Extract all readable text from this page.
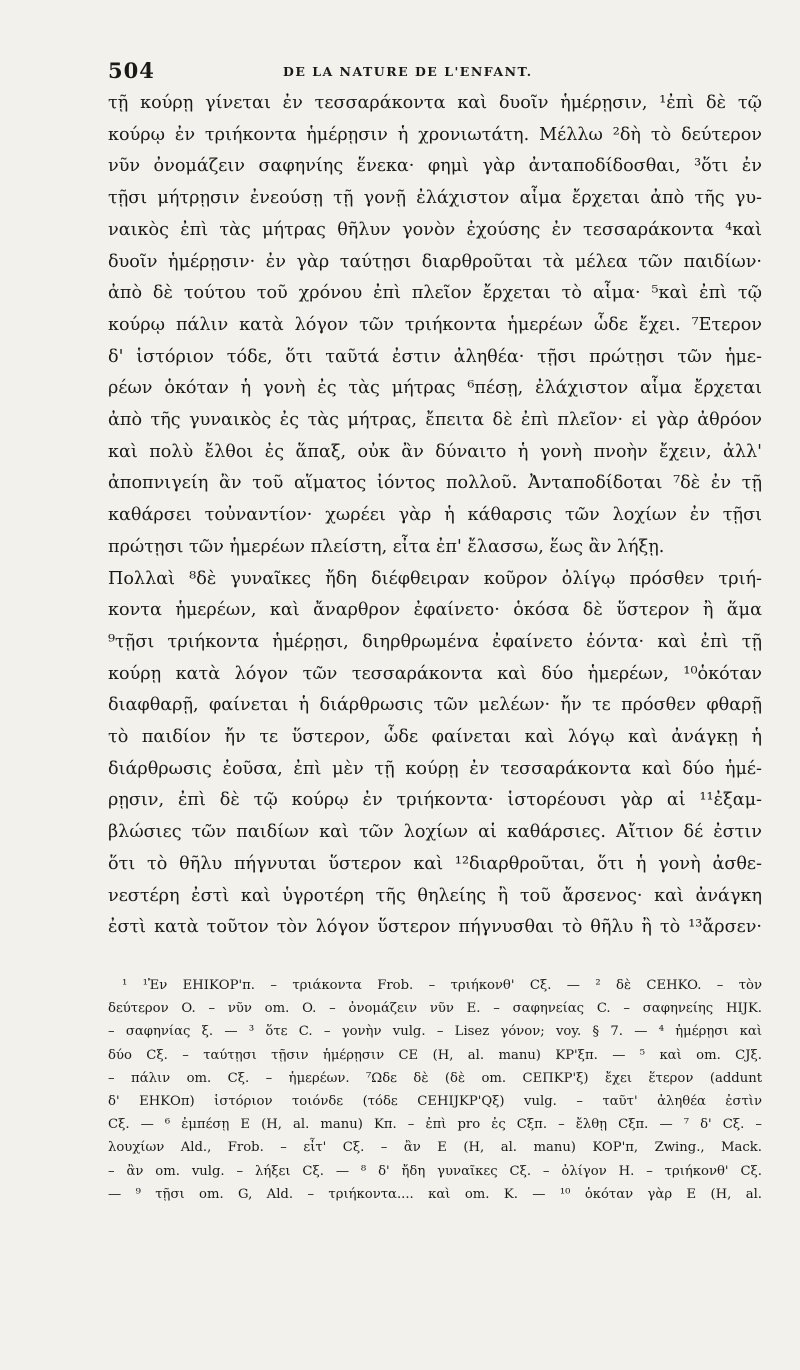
504	DE LA NATURE DE L'ENFANT.
τῇ κούρῃ γίνεται ἐν τεσσαράκοντα καὶ δυοῖν ἡμέρῃσιν, ¹ἐπὶ δὲ τῷ
κούρῳ ἐν τριήκοντα ἡμέρῃσιν ἡ χρονιωτάτη. Μέλλω ²δὴ τὸ δεύτερον
νῦν ὀνομάζειν σαφηνίης ἕνεκα· φημὶ γὰρ ἀνταποδίδοσθαι, ³ὅτι ἐν
τῇσι μήτρῃσιν ἐνεούσῃ τῇ γονῇ ἐλάχιστον αἷμα ἔρχεται ἀπὸ τῆς γυ-
ναικὸς ἐπὶ τὰς μήτρας θῆλυν γονὸν ἐχούσης ἐν τεσσαράκοντα ⁴καὶ
δυοῖν ἡμέρῃσιν· ἐν γὰρ ταύτῃσι διαρθροῦται τὰ μέλεα τῶν παιδίων·
ἀπὸ δὲ τούτου τοῦ χρόνου ἐπὶ πλεῖον ἔρχεται τὸ αἷμα· ⁵καὶ ἐπὶ τῷ
κούρῳ πάλιν κατὰ λόγον τῶν τριήκοντα ἡμερέων ὧδε ἔχει. ⁷Ετερον
δ' ἱστόριον τόδε, ὅτι ταῦτά ἐστιν ἀληθέα· τῇσι πρώτῃσι τῶν ἡμε-
ρέων ὁκόταν ἡ γονὴ ἐς τὰς μήτρας ⁶πέσῃ, ἐλάχιστον αἷμα ἔρχεται
ἀπὸ τῆς γυναικὸς ἐς τὰς μήτρας, ἔπειτα δὲ ἐπὶ πλεῖον· εἰ γὰρ ἀθρόον
καὶ πολὺ ἔλθοι ἐς ἅπαξ, οὐκ ἂν δύναιτο ἡ γονὴ πνοὴν ἔχειν, ἀλλ'
ἀποπνιγείη ἂν τοῦ αἵματος ἰόντος πολλοῦ. Ἀνταποδίδοται ⁷δὲ ἐν τῇ
καθάρσει τοὐναντίον· χωρέει γὰρ ἡ κάθαρσις τῶν λοχίων ἐν τῇσι
πρώτῃσι τῶν ἡμερέων πλείστη, εἶτα ἐπ' ἔλασσω, ἕως ἂν λήξῃ.
Πολλαὶ ⁸δὲ γυναῖκες ἤδη διέφθειραν κοῦρον ὀλίγῳ πρόσθεν τριή-
κοντα ἡμερέων, καὶ ἄναρθρον ἐφαίνετο· ὁκόσα δὲ ὕστερον ἢ ἅμα
⁹τῇσι τριήκοντα ἡμέρῃσι, διηρθρωμένα ἐφαίνετο ἐόντα· καὶ ἐπὶ τῇ
κούρῃ κατὰ λόγον τῶν τεσσαράκοντα καὶ δύο ἡμερέων, ¹⁰ὁκόταν
διαφθαρῇ, φαίνεται ἡ διάρθρωσις τῶν μελέων· ἤν τε πρόσθεν φθαρῇ
τὸ παιδίον ἤν τε ὕστερον, ὧδε φαίνεται καὶ λόγῳ καὶ ἀνάγκῃ ἡ
διάρθρωσις ἐοῦσα, ἐπὶ μὲν τῇ κούρῃ ἐν τεσσαράκοντα καὶ δύο ἡμέ-
ρῃσιν, ἐπὶ δὲ τῷ κούρῳ ἐν τριήκοντα· ἱστορέουσι γὰρ αἱ ¹¹ἐξαμ-
βλώσιες τῶν παιδίων καὶ τῶν λοχίων αἱ καθάρσιες. Αἴτιον δέ ἐστιν
ὅτι τὸ θῆλυ πήγνυται ὕστερον καὶ ¹²διαρθροῦται, ὅτι ἡ γονὴ ἀσθε-
νεστέρη ἐστὶ καὶ ὑγροτέρη τῆς θηλείης ἢ τοῦ ἄρσενος· καὶ ἀνάγκη
ἐστὶ κατὰ τοῦτον τὸν λόγον ὕστερον πήγνυσθαι τὸ θῆλυ ἢ τὸ ¹³ἄρσεν·
¹ ¹Ἐν ΕΗΙΚΟΡ'π. – τριάκοντα Frob. – τριήκονθ' Cξ. — ² δὲ CEHKO. – τὸν
δεύτερον O. – νῦν om. O. – ὀνομάζειν νῦν E. – σαφηνείας C. – σαφηνείης HIJK.
– σαφηνίας ξ. — ³ ὅτε C. – γονὴν vulg. – Lisez γόνον; voy. § 7. — ⁴ ἡμέρῃσι καὶ
δύο Cξ. – ταύτῃσι τῇσιν ἡμέρῃσιν CE (H, al. manu) KP'ξπ. — ⁵ καὶ om. CJξ.
– πάλιν om. Cξ. – ἡμερέων. ⁷Ωδε δὲ (δὲ om. CEΠΚΡ'ξ) ἔχει ἕτερον (addunt
δ' ΕΗΚΟπ) ἱστόριον τοιόνδε (τόδε CEHIJKP'Qξ) vulg. – ταῦτ' ἀληθέα ἐστὶν
Cξ. — ⁶ ἐμπέσῃ E (H, al. manu) Kπ. – ἐπὶ pro ἐς Cξπ. – ἔλθῃ Cξπ. — ⁷ δ' Cξ. –
λουχίων Ald., Frob. – εἶτ' Cξ. – ἂν E (H, al. manu) KOP'π, Zwing., Mack.
– ἂν om. vulg. – λήξει Cξ. — ⁸ δ' ἤδη γυναῖκες Cξ. – ὀλίγον H. – τριήκονθ' Cξ.
— ⁹ τῇσι om. G, Ald. – τριήκοντα.... καὶ om. K. — ¹⁰ ὁκόταν γὰρ E (H, al.
